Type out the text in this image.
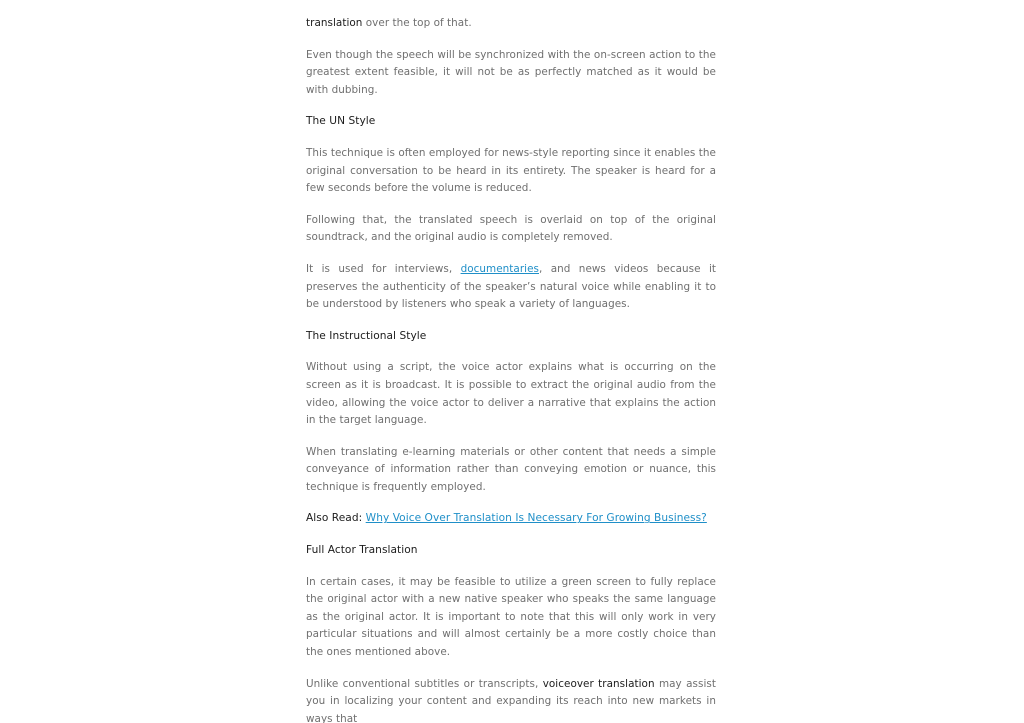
translation over the top of that.

Even though the speech will be synchronized with the on-screen action to the greatest extent feasible, it will not be as perfectly matched as it would be with dubbing.

The UN Style

This technique is often employed for news-style reporting since it enables the original conversation to be heard in its entirety. The speaker is heard for a few seconds before the volume is reduced.

Following that, the translated speech is overlaid on top of the original soundtrack, and the original audio is completely removed.

It is used for interviews, documentaries, and news videos because it preserves the authenticity of the speaker’s natural voice while enabling it to be understood by listeners who speak a variety of languages.

The Instructional Style

Without using a script, the voice actor explains what is occurring on the screen as it is broadcast. It is possible to extract the original audio from the video, allowing the voice actor to deliver a narrative that explains the action in the target language.

When translating e-learning materials or other content that needs a simple conveyance of information rather than conveying emotion or nuance, this technique is frequently employed.

Also Read: Why Voice Over Translation Is Necessary For Growing Business?

Full Actor Translation

In certain cases, it may be feasible to utilize a green screen to fully replace the original actor with a new native speaker who speaks the same language as the original actor. It is important to note that this will only work in very particular situations and will almost certainly be a more costly choice than the ones mentioned above.

Unlike conventional subtitles or transcripts, voiceover translation may assist you in localizing your content and expanding its reach into new markets in ways that
